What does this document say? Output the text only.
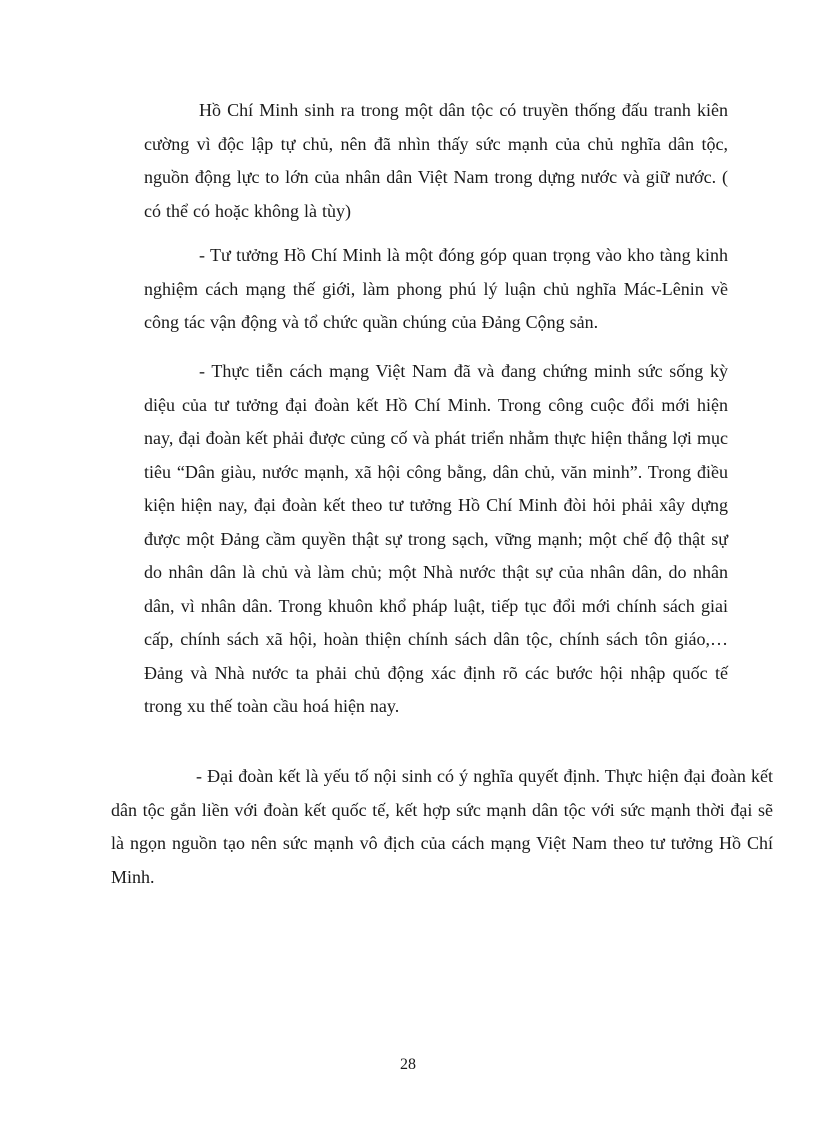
Hồ Chí Minh sinh ra trong một dân tộc có truyền thống đấu tranh kiên cường vì độc lập tự chủ, nên đã nhìn thấy sức mạnh của chủ nghĩa dân tộc, nguồn động lực to lớn của nhân dân Việt Nam trong dựng nước và giữ nước. ( có thể có hoặc không là tùy)

- Tư tưởng Hồ Chí Minh là một đóng góp quan trọng vào kho tàng kinh nghiệm cách mạng thế giới, làm phong phú lý luận chủ nghĩa Mác-Lênin về công tác vận động và tổ chức quần chúng của Đảng Cộng sản.

- Thực tiễn cách mạng Việt Nam đã và đang chứng minh sức sống kỳ diệu của tư tưởng đại đoàn kết Hồ Chí Minh. Trong công cuộc đổi mới hiện nay, đại đoàn kết phải được củng cố và phát triển nhằm thực hiện thắng lợi mục tiêu “Dân giàu, nước mạnh, xã hội công bằng, dân chủ, văn minh”. Trong điều kiện hiện nay, đại đoàn kết theo tư tưởng Hồ Chí Minh đòi hỏi phải xây dựng được một Đảng cầm quyền thật sự trong sạch, vững mạnh; một chế độ thật sự do nhân dân là chủ và làm chủ; một Nhà nước thật sự của nhân dân, do nhân dân, vì nhân dân. Trong khuôn khổ pháp luật, tiếp tục đổi mới chính sách giai cấp, chính sách xã hội, hoàn thiện chính sách dân tộc, chính sách tôn giáo,… Đảng và Nhà nước ta phải chủ động xác định rõ các bước hội nhập quốc tế trong xu thế toàn cầu hoá hiện nay.

- Đại đoàn kết là yếu tố nội sinh có ý nghĩa quyết định. Thực hiện đại đoàn kết dân tộc gắn liền với đoàn kết quốc tế, kết hợp sức mạnh dân tộc với sức mạnh thời đại sẽ là ngọn nguồn tạo nên sức mạnh vô địch của cách mạng Việt Nam theo tư tưởng Hồ Chí Minh.

28
